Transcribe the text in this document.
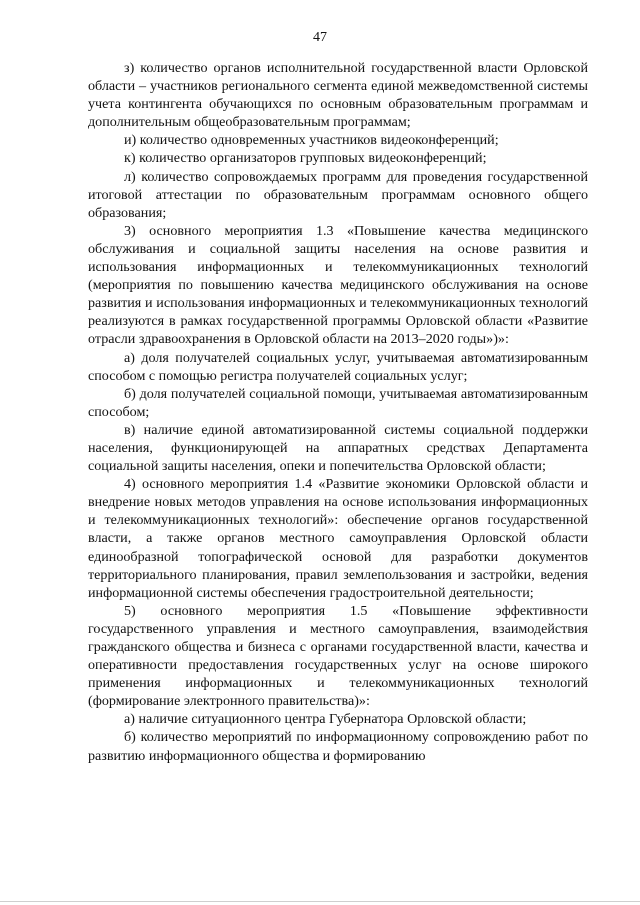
47

з) количество органов исполнительной государственной власти Орловской области – участников регионального сегмента единой межведомственной системы учета контингента обучающихся по основным образовательным программам и дополнительным общеобразовательным программам;

и) количество одновременных участников видеоконференций;

к) количество организаторов групповых видеоконференций;

л) количество сопровождаемых программ для проведения государственной итоговой аттестации по образовательным программам основного общего образования;

3) основного мероприятия 1.3 «Повышение качества медицинского обслуживания и социальной защиты населения на основе развития и использования информационных и телекоммуникационных технологий (мероприятия по повышению качества медицинского обслуживания на основе развития и использования информационных и телекоммуникационных технологий реализуются в рамках государственной программы Орловской области «Развитие отрасли здравоохранения в Орловской области на 2013–2020 годы»)»:

а) доля получателей социальных услуг, учитываемая автоматизированным способом с помощью регистра получателей социальных услуг;

б) доля получателей социальной помощи, учитываемая автоматизированным способом;

в) наличие единой автоматизированной системы социальной поддержки населения, функционирующей на аппаратных средствах Департамента социальной защиты населения, опеки и попечительства Орловской области;

4) основного мероприятия 1.4 «Развитие экономики Орловской области и внедрение новых методов управления на основе использования информационных и телекоммуникационных технологий»: обеспечение органов государственной власти, а также органов местного самоуправления Орловской области единообразной топографической основой для разработки документов территориального планирования, правил землепользования и застройки, ведения информационной системы обеспечения градостроительной деятельности;

5) основного мероприятия 1.5 «Повышение эффективности государственного управления и местного самоуправления, взаимодействия гражданского общества и бизнеса с органами государственной власти, качества и оперативности предоставления государственных услуг на основе широкого применения информационных и телекоммуникационных технологий (формирование электронного правительства)»:

а) наличие ситуационного центра Губернатора Орловской области;

б) количество мероприятий по информационному сопровождению работ по развитию информационного общества и формированию
